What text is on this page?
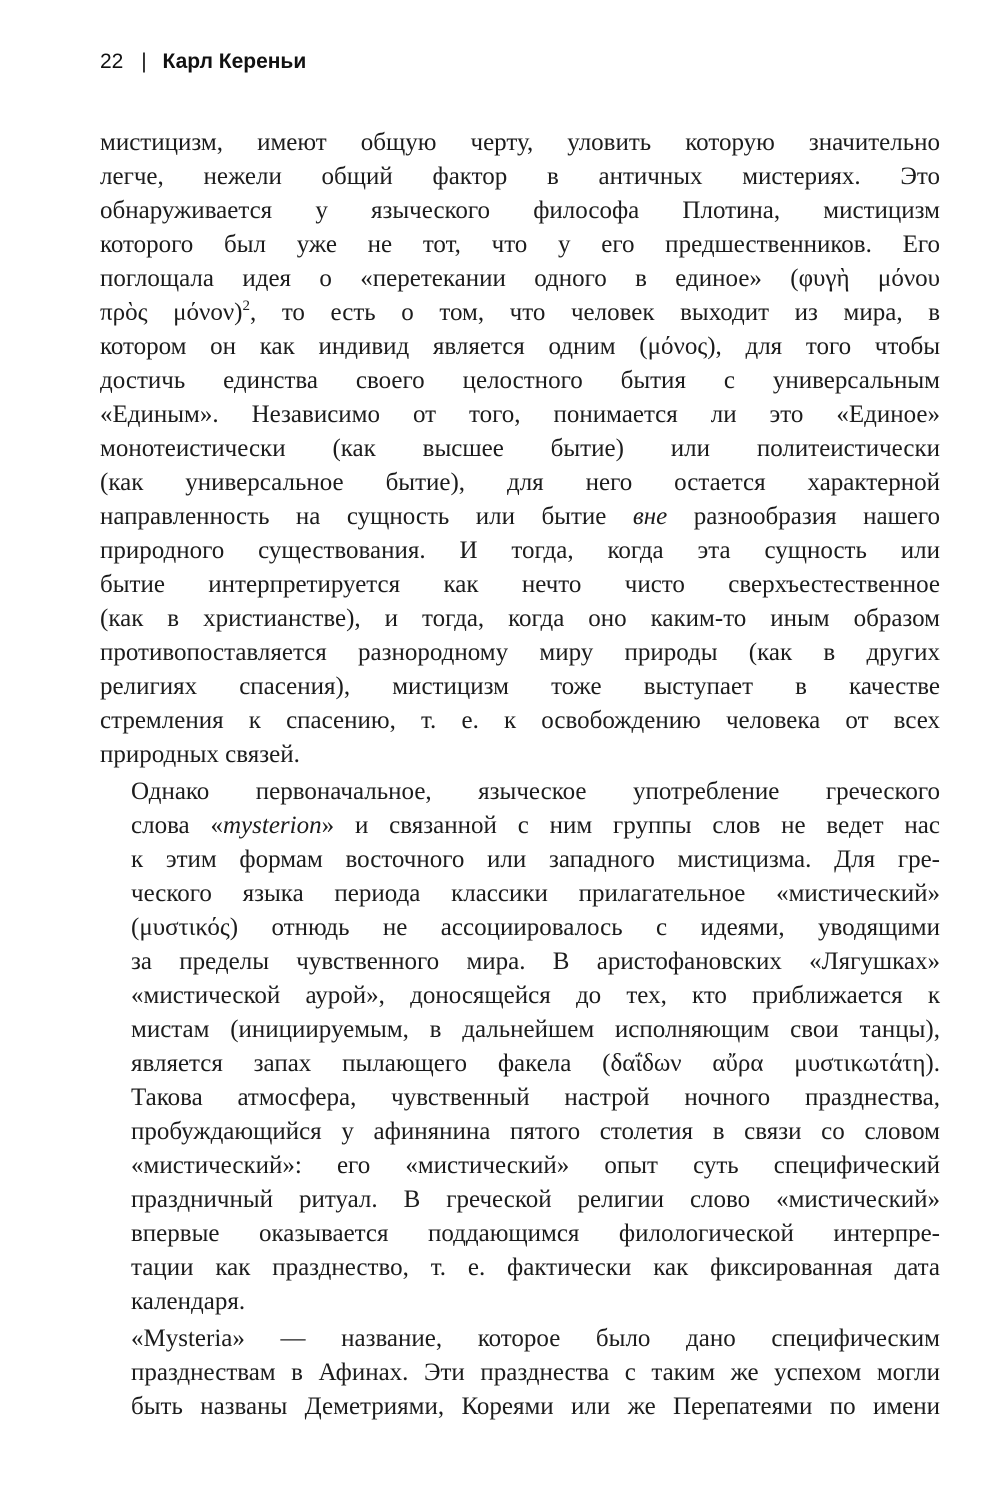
22 | Карл Кереньи

мистицизм, имеют общую черту, уловить которую значительно
легче, нежели общий фактор в античных мистериях. Это
обнаруживается у языческого философа Плотина, мистицизм
которого был уже не тот, что у его предшественников. Его
поглощала идея о «перетекании одного в единое» (φυγὴ μόνου
πρὸς μόνον)$^2$, то есть о том, что человек выходит из мира, в
котором он как индивид является одним (μόνος), для того чтобы
достичь единства своего целостного бытия с универсальным
«Единым». Независимо от того, понимается ли это «Единое»
монотеистически (как высшее бытие) или политеистически
(как универсальное бытие), для него остается характерной
направленность на сущность или бытие вне разнообразия нашего
природного существования. И тогда, когда эта сущность или
бытие интерпретируется как нечто чисто сверхъестественное
(как в христианстве), и тогда, когда оно каким-то иным образом
противопоставляется разнородному миру природы (как в других
религиях спасения), мистицизм тоже выступает в качестве
стремления к спасению, т. е. к освобождению человека от всех
природных связей.

Однако первоначальное, языческое употребление греческого
слова «mysterion» и связанной с ним группы слов не ведет нас
к этим формам восточного или западного мистицизма. Для гре-
ческого языка периода классики прилагательное «мистический»
(μυστικός) отнюдь не ассоциировалось с идеями, уводящими
за пределы чувственного мира. В аристофановских «Лягушках»
«мистической аурой», доносящейся до тех, кто приближается к
мистам (инициируемым, в дальнейшем исполняющим свои танцы),
является запах пылающего факела (δαΐδων αὔρα μυστικωτάτη).
Такова атмосфера, чувственный настрой ночного празднества,
пробуждающийся у афинянина пятого столетия в связи со словом
«мистический»: его «мистический» опыт суть специфический
праздничный ритуал. В греческой религии слово «мистический»
впервые оказывается поддающимся филологической интерпре-
тации как празднество, т. е. фактически как фиксированная дата
календаря.

«Mysteria» — название, которое было дано специфическим
празднествам в Афинах. Эти празднества с таким же успехом могли
быть названы Деметриями, Кореями или же Перепатеями по имени
